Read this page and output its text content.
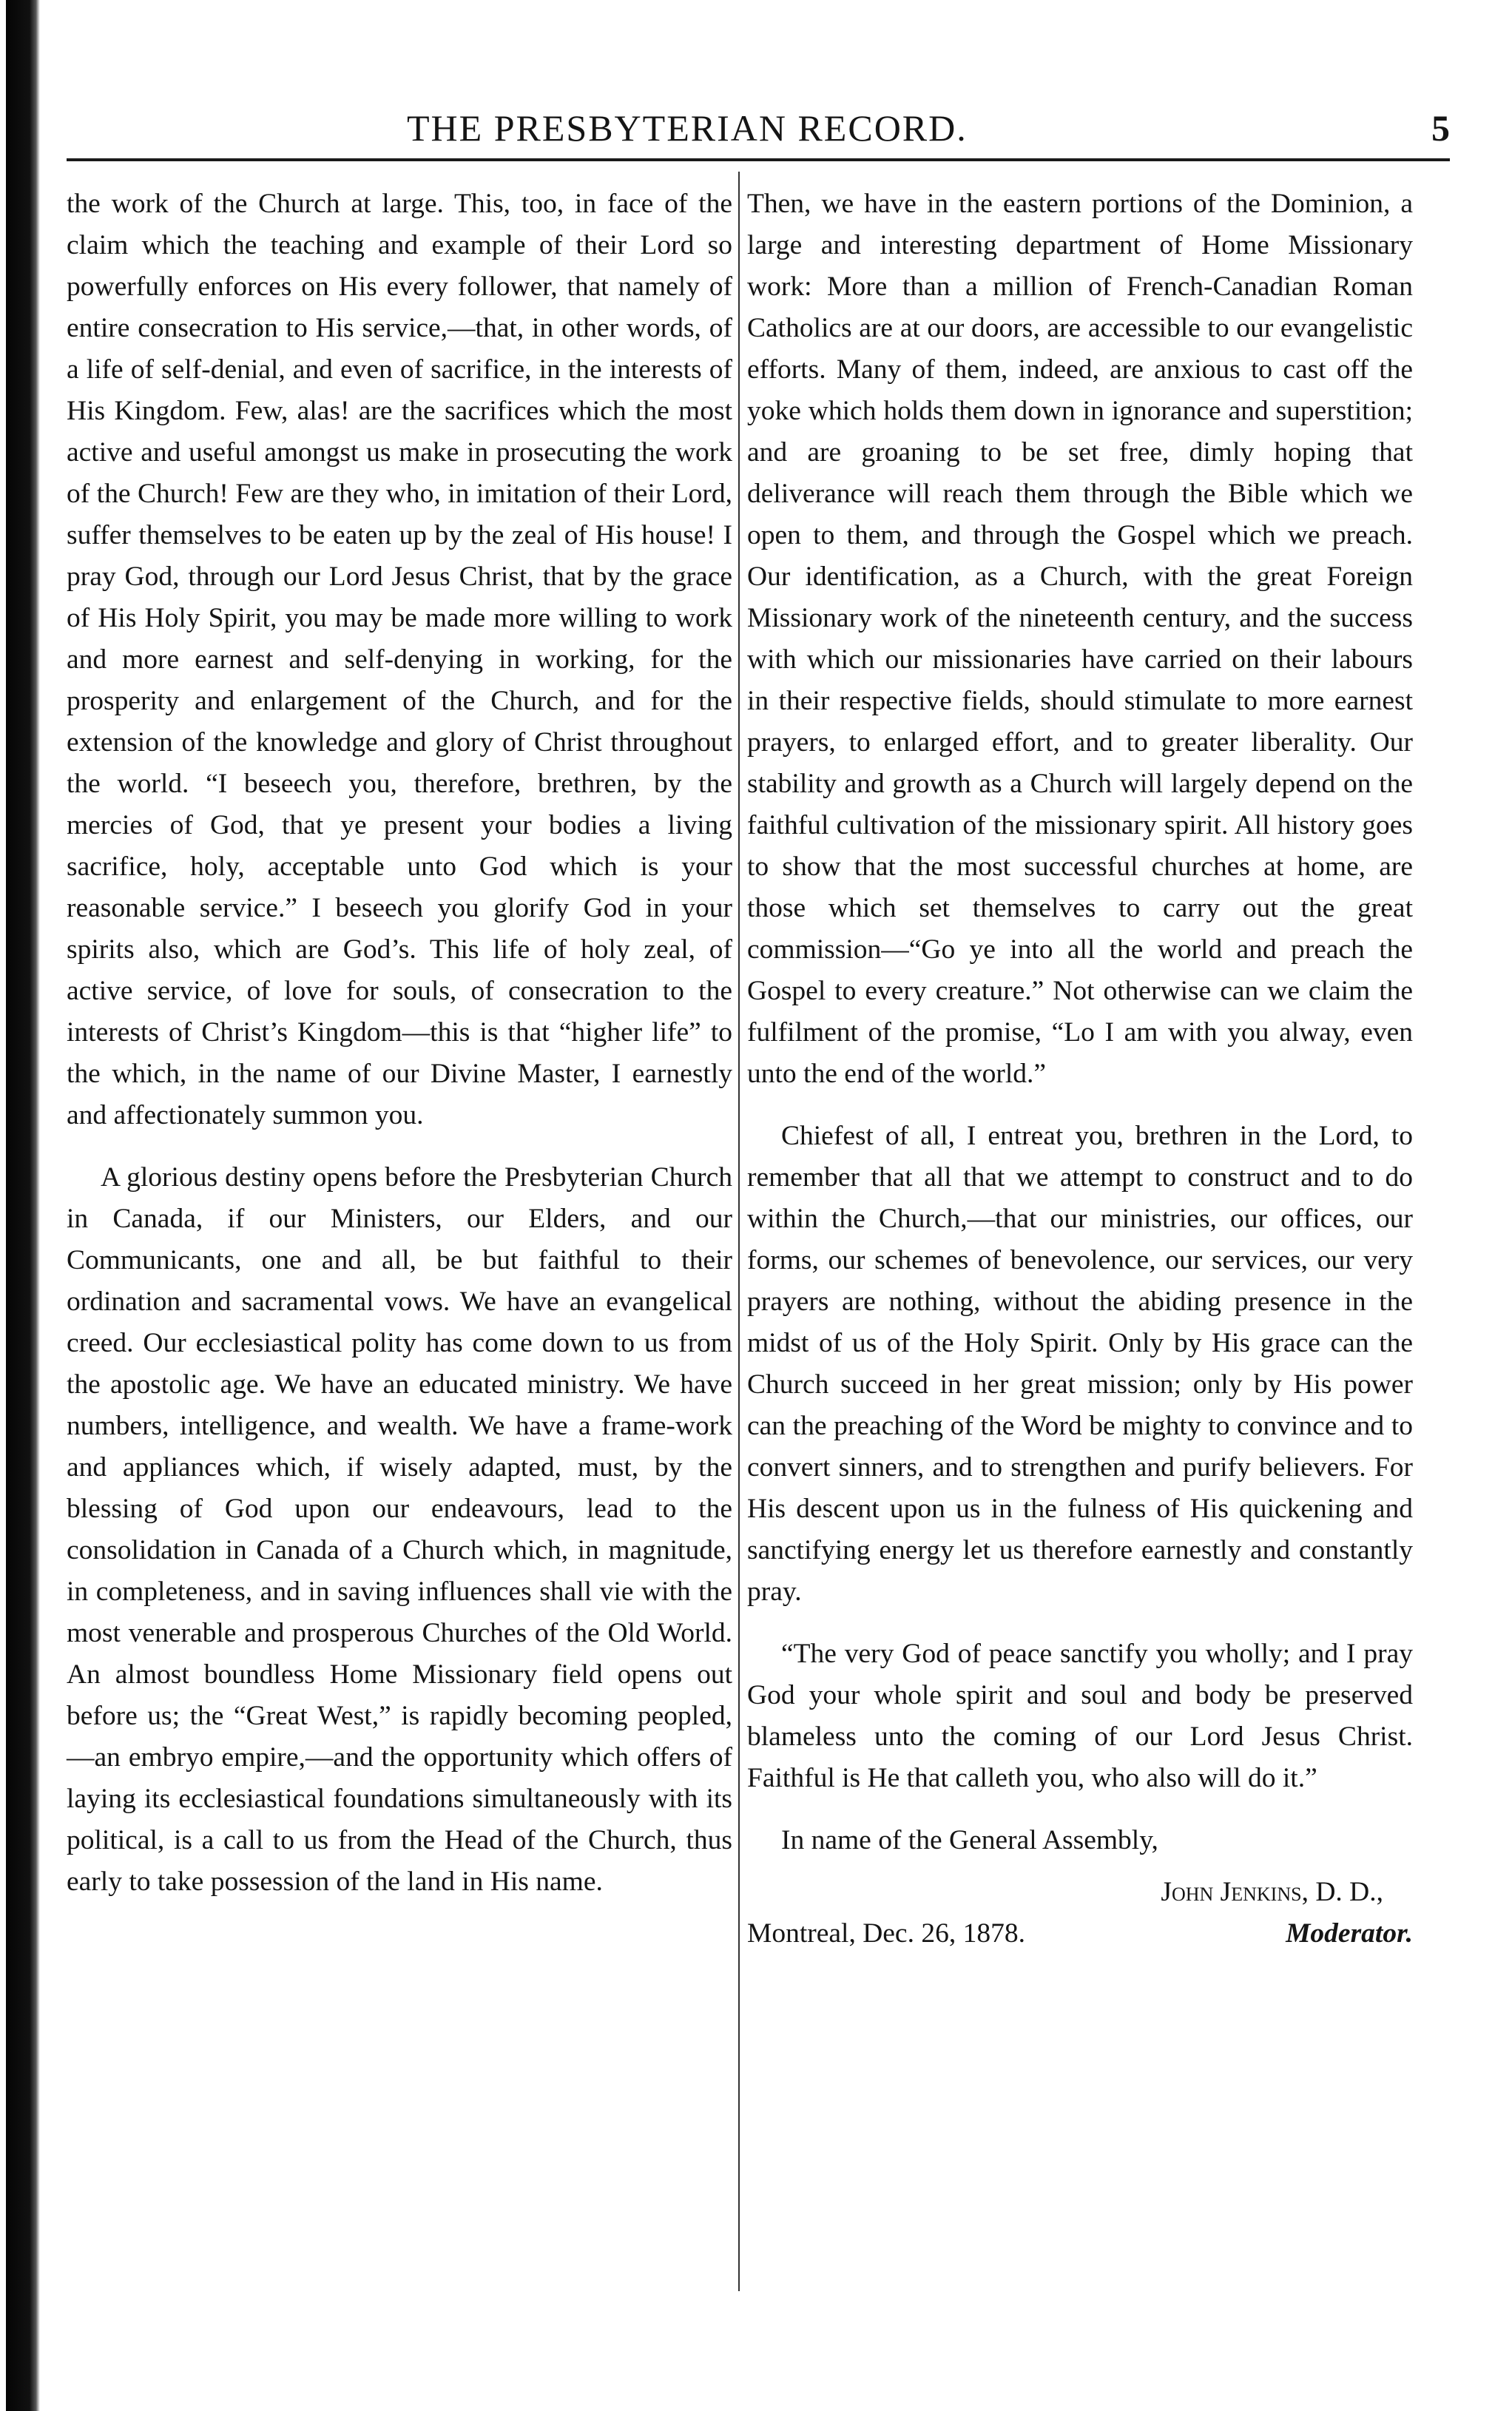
THE PRESBYTERIAN RECORD.	5

the work of the Church at large. This, too, in face of the claim which the teaching and example of their Lord so powerfully enforces on His every follower, that namely of entire consecration to His service,—that, in other words, of a life of self-denial, and even of sacrifice, in the interests of His Kingdom. Few, alas! are the sacrifices which the most active and useful amongst us make in prosecuting the work of the Church! Few are they who, in imitation of their Lord, suffer themselves to be eaten up by the zeal of His house! I pray God, through our Lord Jesus Christ, that by the grace of His Holy Spirit, you may be made more willing to work and more earnest and self-denying in working, for the prosperity and enlargement of the Church, and for the extension of the knowledge and glory of Christ throughout the world. “I beseech you, therefore, brethren, by the mercies of God, that ye present your bodies a living sacrifice, holy, acceptable unto God which is your reasonable service.” I beseech you glorify God in your spirits also, which are God’s. This life of holy zeal, of active service, of love for souls, of consecration to the interests of Christ’s Kingdom—this is that “higher life” to the which, in the name of our Divine Master, I earnestly and affectionately summon you.

A glorious destiny opens before the Presbyterian Church in Canada, if our Ministers, our Elders, and our Communicants, one and all, be but faithful to their ordination and sacramental vows. We have an evangelical creed. Our ecclesiastical polity has come down to us from the apostolic age. We have an educated ministry. We have numbers, intelligence, and wealth. We have a frame-work and appliances which, if wisely adapted, must, by the blessing of God upon our endeavours, lead to the consolidation in Canada of a Church which, in magnitude, in completeness, and in saving influences shall vie with the most venerable and prosperous Churches of the Old World. An almost boundless Home Missionary field opens out before us; the “Great West,” is rapidly becoming peopled,—an embryo empire,—and the opportunity which offers of laying its ecclesiastical foundations simultaneously with its political, is a call to us from the Head of the Church, thus early to take possession of the land in His name.

Then, we have in the eastern portions of the Dominion, a large and interesting department of Home Missionary work: More than a million of French-Canadian Roman Catholics are at our doors, are accessible to our evangelistic efforts. Many of them, indeed, are anxious to cast off the yoke which holds them down in ignorance and superstition; and are groaning to be set free, dimly hoping that deliverance will reach them through the Bible which we open to them, and through the Gospel which we preach. Our identification, as a Church, with the great Foreign Missionary work of the nineteenth century, and the success with which our missionaries have carried on their labours in their respective fields, should stimulate to more earnest prayers, to enlarged effort, and to greater liberality. Our stability and growth as a Church will largely depend on the faithful cultivation of the missionary spirit. All history goes to show that the most successful churches at home, are those which set themselves to carry out the great commission—“Go ye into all the world and preach the Gospel to every creature.” Not otherwise can we claim the fulfilment of the promise, “Lo I am with you alway, even unto the end of the world.”

Chiefest of all, I entreat you, brethren in the Lord, to remember that all that we attempt to construct and to do within the Church,—that our ministries, our offices, our forms, our schemes of benevolence, our services, our very prayers are nothing, without the abiding presence in the midst of us of the Holy Spirit. Only by His grace can the Church succeed in her great mission; only by His power can the preaching of the Word be mighty to convince and to convert sinners, and to strengthen and purify believers. For His descent upon us in the fulness of His quickening and sanctifying energy let us therefore earnestly and constantly pray.

“The very God of peace sanctify you wholly; and I pray God your whole spirit and soul and body be preserved blameless unto the coming of our Lord Jesus Christ. Faithful is He that calleth you, who also will do it.”

In name of the General Assembly,
John Jenkins, D. D.,
Montreal, Dec. 26, 1878.	Moderator.
